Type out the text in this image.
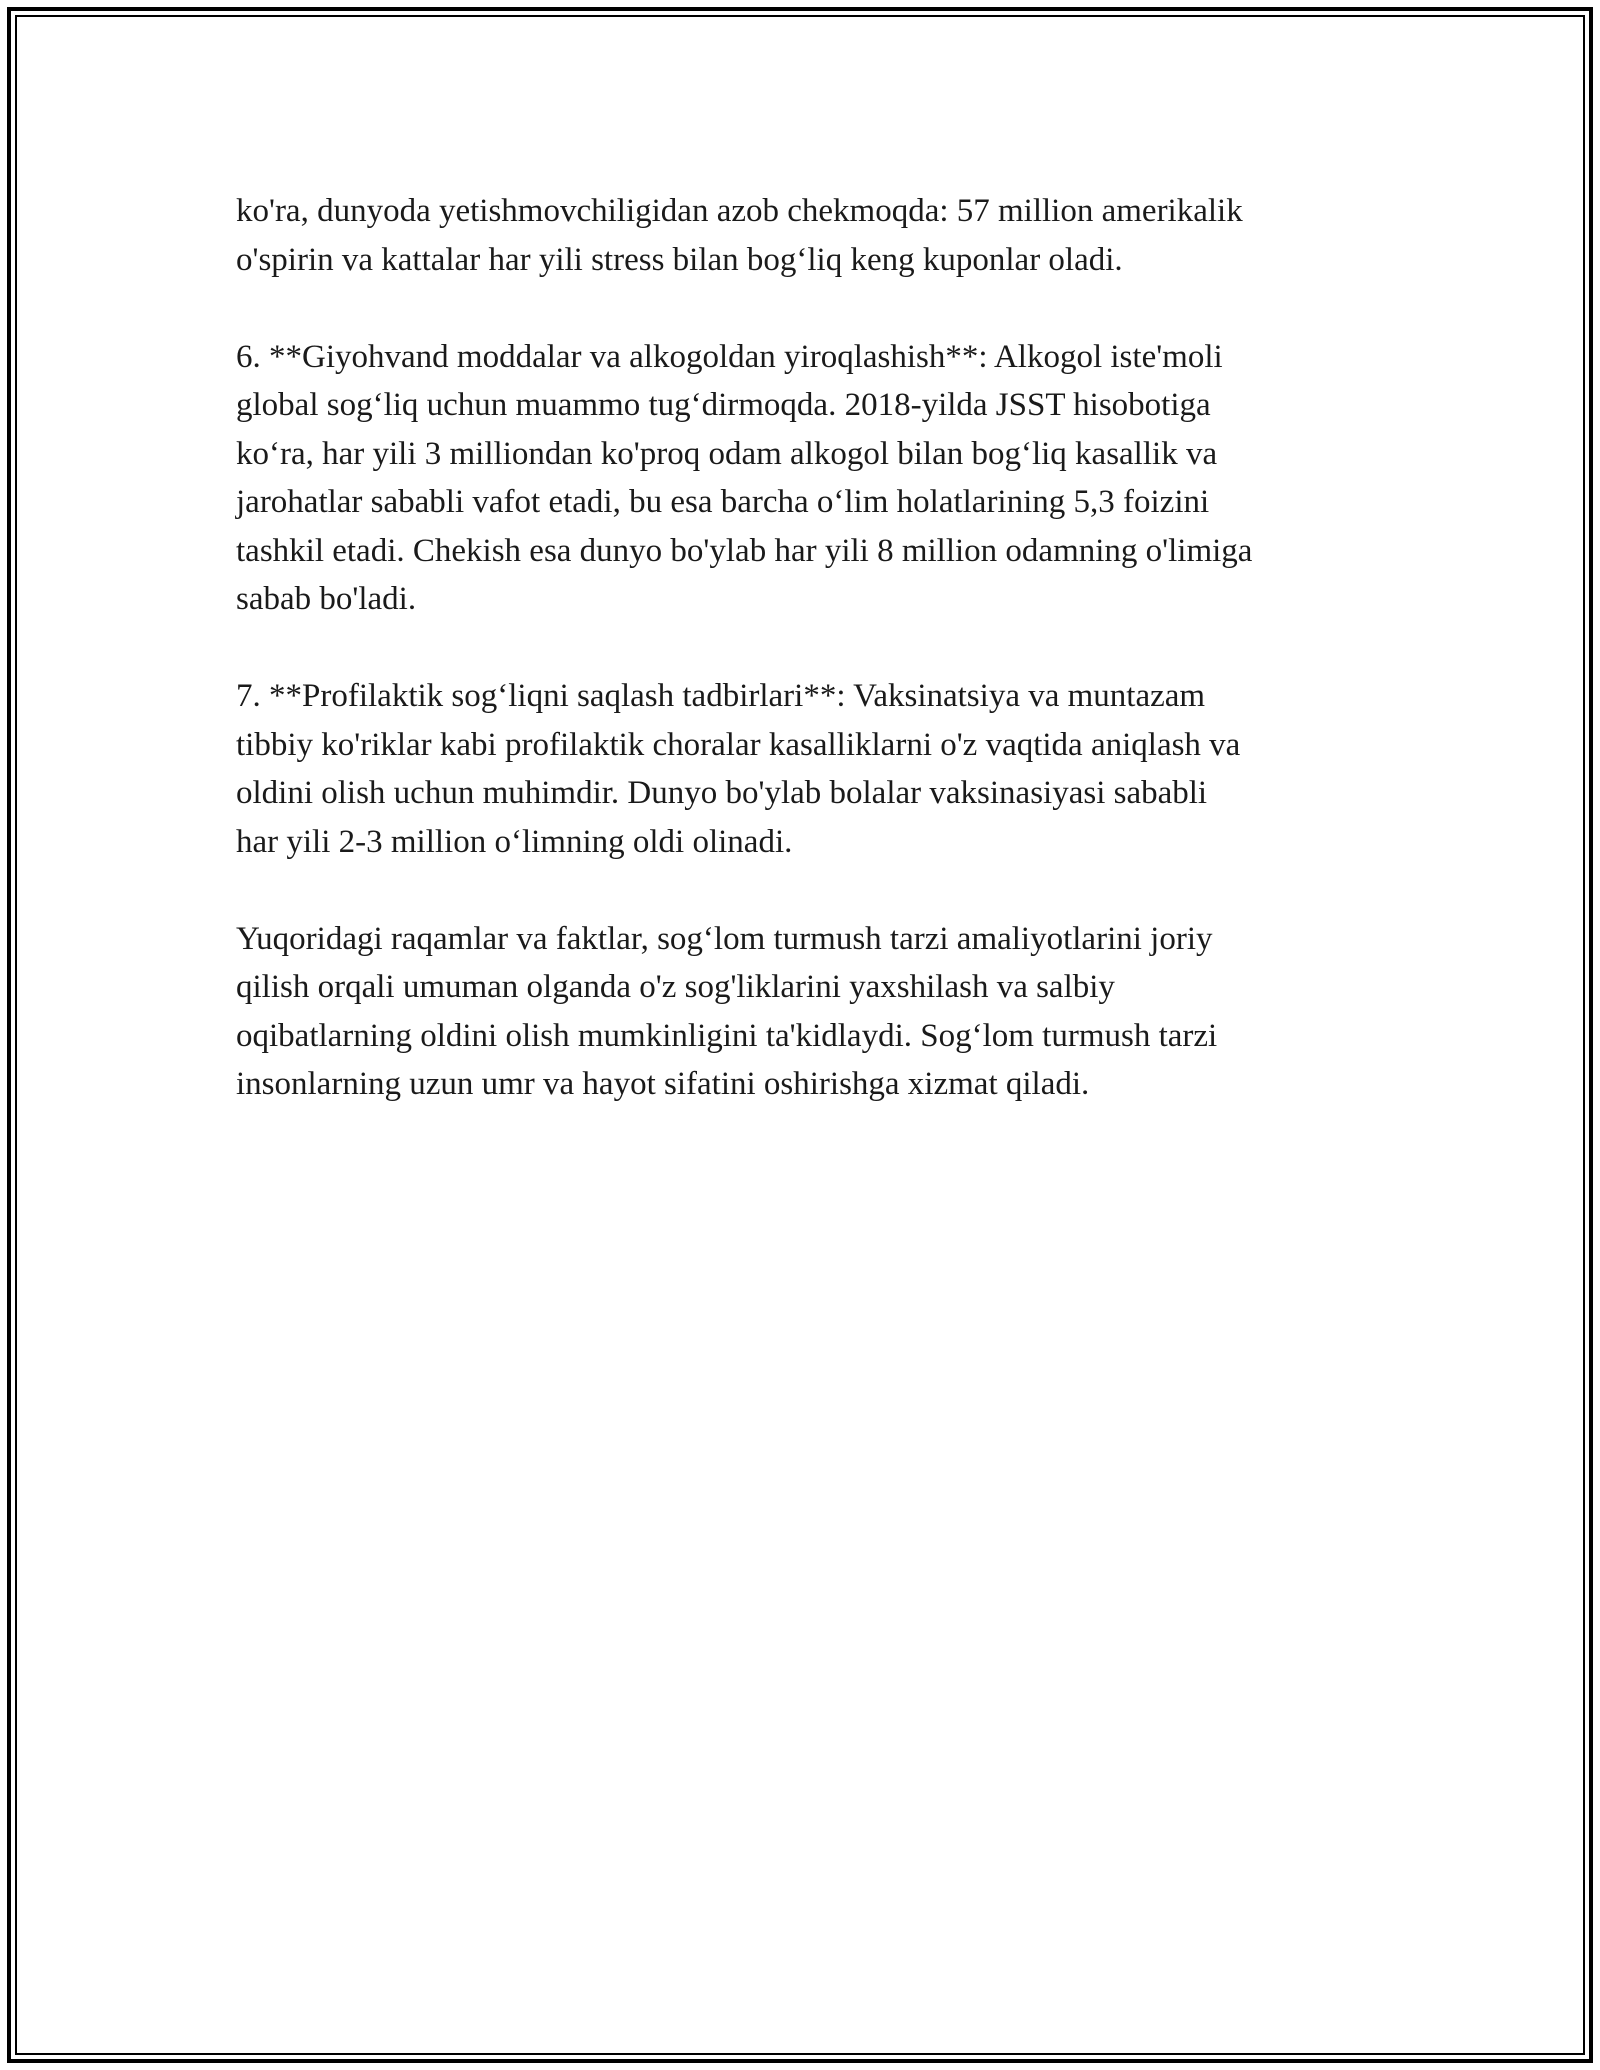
ko'ra, dunyoda yetishmovchiligidan azob chekmoqda: 57 million amerikalik
o'spirin va kattalar har yili stress bilan bog‘liq keng kuponlar oladi.
6. **Giyohvand moddalar va alkogoldan yiroqlashish**: Alkogol iste'moli
global sog‘liq uchun muammo tug‘dirmoqda. 2018-yilda JSST hisobotiga
ko‘ra, har yili 3 milliondan ko'proq odam alkogol bilan bog‘liq kasallik va
jarohatlar sababli vafot etadi, bu esa barcha o‘lim holatlarining 5,3 foizini
tashkil etadi. Chekish esa dunyo bo'ylab har yili 8 million odamning o'limiga
sabab bo'ladi.
7. **Profilaktik sog‘liqni saqlash tadbirlari**: Vaksinatsiya va muntazam
tibbiy ko'riklar kabi profilaktik choralar kasalliklarni o'z vaqtida aniqlash va
oldini olish uchun muhimdir. Dunyo bo'ylab bolalar vaksinasiyasi sababli
har yili 2-3 million o‘limning oldi olinadi.
Yuqoridagi raqamlar va faktlar, sog‘lom turmush tarzi amaliyotlarini joriy
qilish orqali umuman olganda o'z sog'liklarini yaxshilash va salbiy
oqibatlarning oldini olish mumkinligini ta'kidlaydi. Sog‘lom turmush tarzi
insonlarning uzun umr va hayot sifatini oshirishga xizmat qiladi.
